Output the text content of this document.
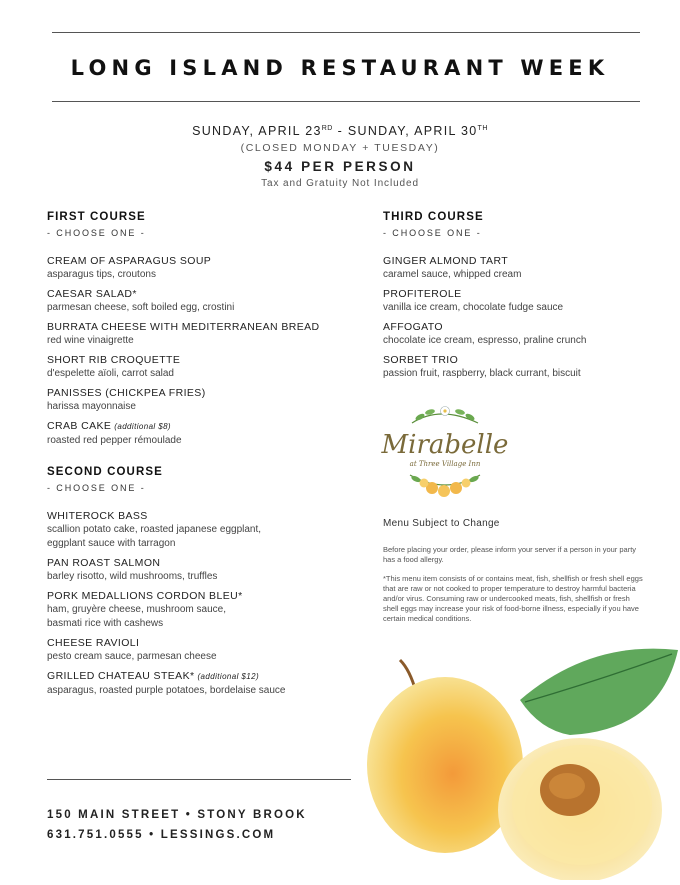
LONG ISLAND RESTAURANT WEEK
SUNDAY, APRIL 23RD - SUNDAY, APRIL 30TH
(CLOSED MONDAY + TUESDAY)
$44 PER PERSON
Tax and Gratuity Not Included
FIRST COURSE
- CHOOSE ONE -
CREAM OF ASPARAGUS SOUP
asparagus tips, croutons
CAESAR SALAD*
parmesan cheese, soft boiled egg, crostini
BURRATA CHEESE WITH MEDITERRANEAN BREAD
red wine vinaigrette
SHORT RIB CROQUETTE
d'espelette aïoli, carrot salad
PANISSES (CHICKPEA FRIES)
harissa mayonnaise
CRAB CAKE (additional $8)
roasted red pepper rémoulade
SECOND COURSE
- CHOOSE ONE -
WHITEROCK BASS
scallion potato cake, roasted japanese eggplant,
eggplant sauce with tarragon
PAN ROAST SALMON
barley risotto, wild mushrooms, truffles
PORK MEDALLIONS CORDON BLEU*
ham, gruyère cheese, mushroom sauce,
basmati rice with cashews
CHEESE RAVIOLI
pesto cream sauce, parmesan cheese
GRILLED CHATEAU STEAK* (additional $12)
asparagus, roasted purple potatoes, bordelaise sauce
THIRD COURSE
- CHOOSE ONE -
GINGER ALMOND TART
caramel sauce, whipped cream
PROFITEROLE
vanilla ice cream, chocolate fudge sauce
AFFOGATO
chocolate ice cream, espresso, praline crunch
SORBET TRIO
passion fruit, raspberry, black currant, biscuit
Mirabelle
at Three Village Inn
Menu Subject to Change
Before placing your order, please inform your server if a person in your party has a food allergy.
*This menu item consists of or contains meat, fish, shellfish or fresh shell eggs that are raw or not cooked to proper temperature to destroy harmful bacteria and/or virus. Consuming raw or undercooked meats, fish, shellfish or fresh shell eggs may increase your risk of food-borne illness, especially if you have certain medical conditions.
150 MAIN STREET • STONY BROOK
631.751.0555 • LESSINGS.COM
